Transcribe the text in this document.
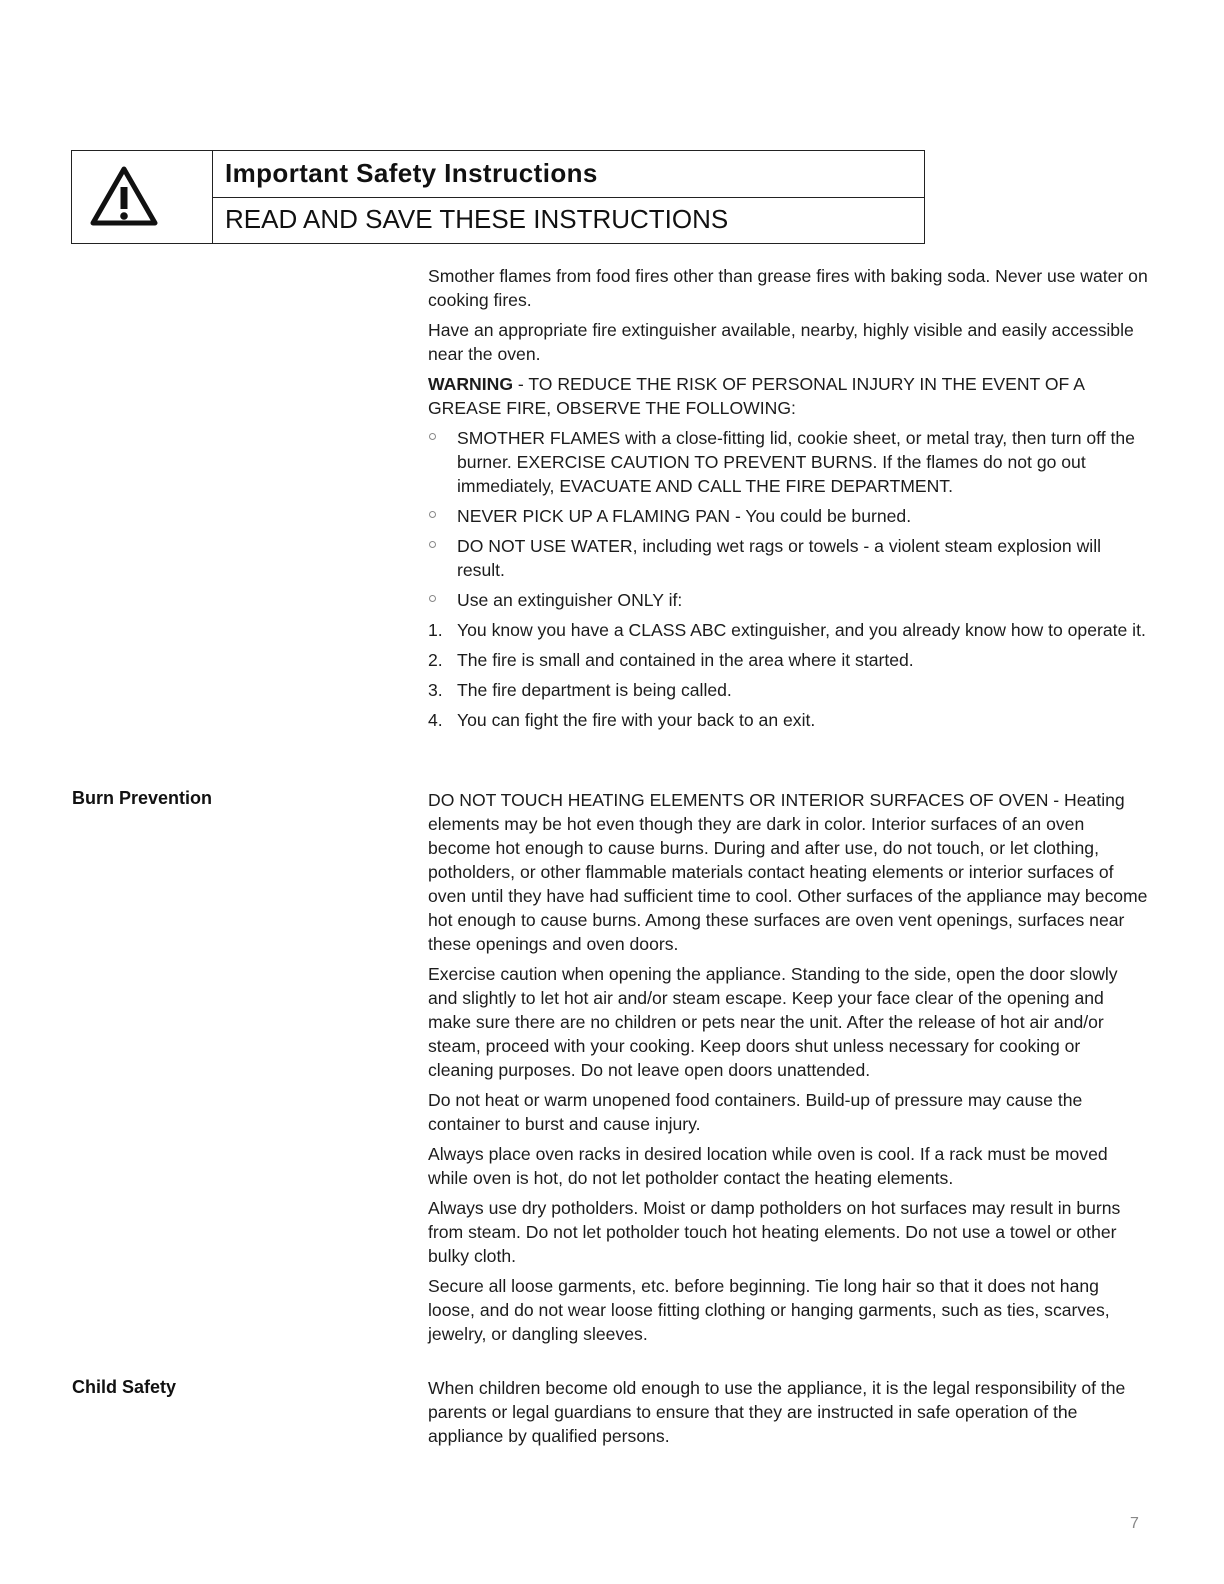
Important Safety Instructions
READ AND SAVE THESE INSTRUCTIONS

Smother flames from food fires other than grease fires with baking soda. Never use water on cooking fires.

Have an appropriate fire extinguisher available, nearby, highly visible and easily accessible near the oven.

WARNING - TO REDUCE THE RISK OF PERSONAL INJURY IN THE EVENT OF A GREASE FIRE, OBSERVE THE FOLLOWING:

SMOTHER FLAMES with a close-fitting lid, cookie sheet, or metal tray, then turn off the burner. EXERCISE CAUTION TO PREVENT BURNS. If the flames do not go out immediately, EVACUATE AND CALL THE FIRE DEPARTMENT.
NEVER PICK UP A FLAMING PAN - You could be burned.
DO NOT USE WATER, including wet rags or towels - a violent steam explosion will result.
Use an extinguisher ONLY if:
1. You know you have a CLASS ABC extinguisher, and you already know how to operate it.
2. The fire is small and contained in the area where it started.
3. The fire department is being called.
4. You can fight the fire with your back to an exit.
Burn Prevention	DO NOT TOUCH HEATING ELEMENTS OR INTERIOR SURFACES OF OVEN - Heating elements may be hot even though they are dark in color. Interior surfaces of an oven become hot enough to cause burns. During and after use, do not touch, or let clothing, potholders, or other flammable materials contact heating elements or interior surfaces of oven until they have had sufficient time to cool. Other surfaces of the appliance may become hot enough to cause burns. Among these surfaces are oven vent openings, surfaces near these openings and oven doors.

Exercise caution when opening the appliance. Standing to the side, open the door slowly and slightly to let hot air and/or steam escape. Keep your face clear of the opening and make sure there are no children or pets near the unit. After the release of hot air and/or steam, proceed with your cooking. Keep doors shut unless necessary for cooking or cleaning purposes. Do not leave open doors unattended.

Do not heat or warm unopened food containers. Build-up of pressure may cause the container to burst and cause injury.

Always place oven racks in desired location while oven is cool. If a rack must be moved while oven is hot, do not let potholder contact the heating elements.

Always use dry potholders. Moist or damp potholders on hot surfaces may result in burns from steam. Do not let potholder touch hot heating elements. Do not use a towel or other bulky cloth.

Secure all loose garments, etc. before beginning. Tie long hair so that it does not hang loose, and do not wear loose fitting clothing or hanging garments, such as ties, scarves, jewelry, or dangling sleeves.

Child Safety	When children become old enough to use the appliance, it is the legal responsibility of the parents or legal guardians to ensure that they are instructed in safe operation of the appliance by qualified persons.

7
